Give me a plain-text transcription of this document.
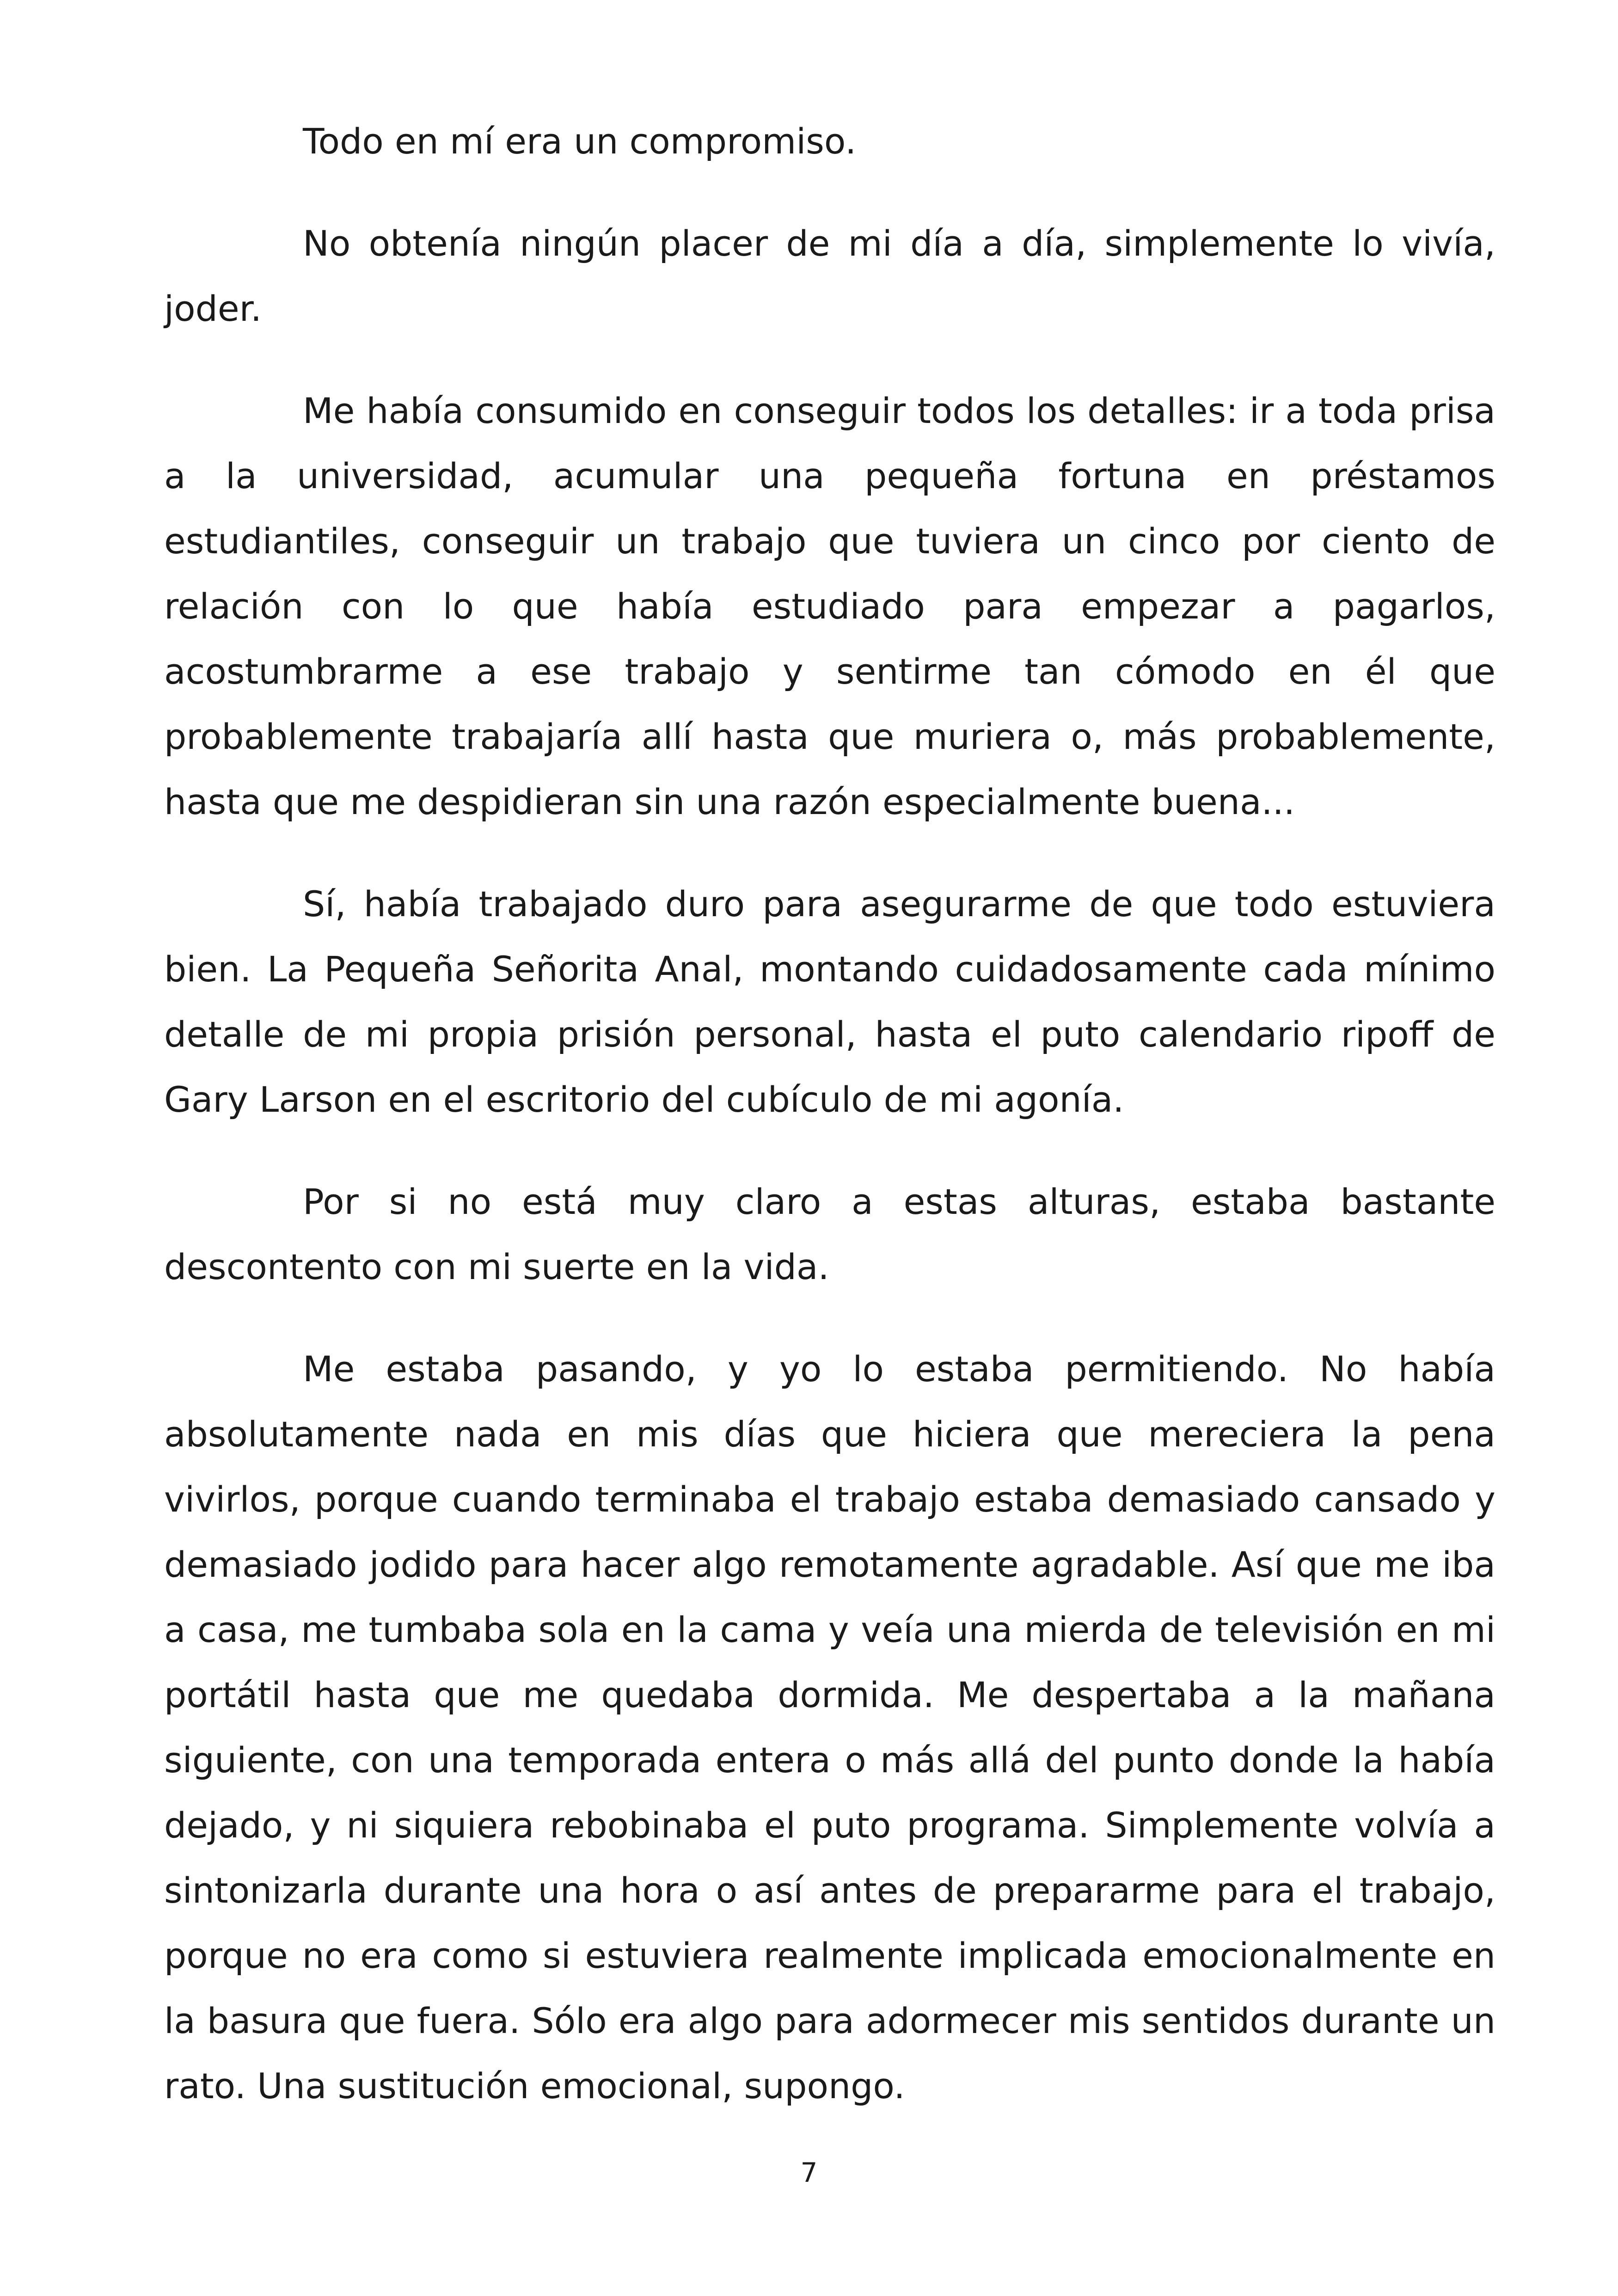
Todo en mí era un compromiso.

No obtenía ningún placer de mi día a día, simplemente lo vivía, joder.

Me había consumido en conseguir todos los detalles: ir a toda prisa a la universidad, acumular una pequeña fortuna en préstamos estudiantiles, conseguir un trabajo que tuviera un cinco por ciento de relación con lo que había estudiado para empezar a pagarlos, acostumbrarme a ese trabajo y sentirme tan cómodo en él que probablemente trabajaría allí hasta que muriera o, más probablemente, hasta que me despidieran sin una razón especialmente buena...

Sí, había trabajado duro para asegurarme de que todo estuviera bien. La Pequeña Señorita Anal, montando cuidadosamente cada mínimo detalle de mi propia prisión personal, hasta el puto calendario ripoff de Gary Larson en el escritorio del cubículo de mi agonía.

Por si no está muy claro a estas alturas, estaba bastante descontento con mi suerte en la vida.

Me estaba pasando, y yo lo estaba permitiendo. No había absolutamente nada en mis días que hiciera que mereciera la pena vivirlos, porque cuando terminaba el trabajo estaba demasiado cansado y demasiado jodido para hacer algo remotamente agradable. Así que me iba a casa, me tumbaba sola en la cama y veía una mierda de televisión en mi portátil hasta que me quedaba dormida. Me despertaba a la mañana siguiente, con una temporada entera o más allá del punto donde la había dejado, y ni siquiera rebobinaba el puto programa. Simplemente volvía a sintonizarla durante una hora o así antes de prepararme para el trabajo, porque no era como si estuviera realmente implicada emocionalmente en la basura que fuera. Sólo era algo para adormecer mis sentidos durante un rato. Una sustitución emocional, supongo.

7
